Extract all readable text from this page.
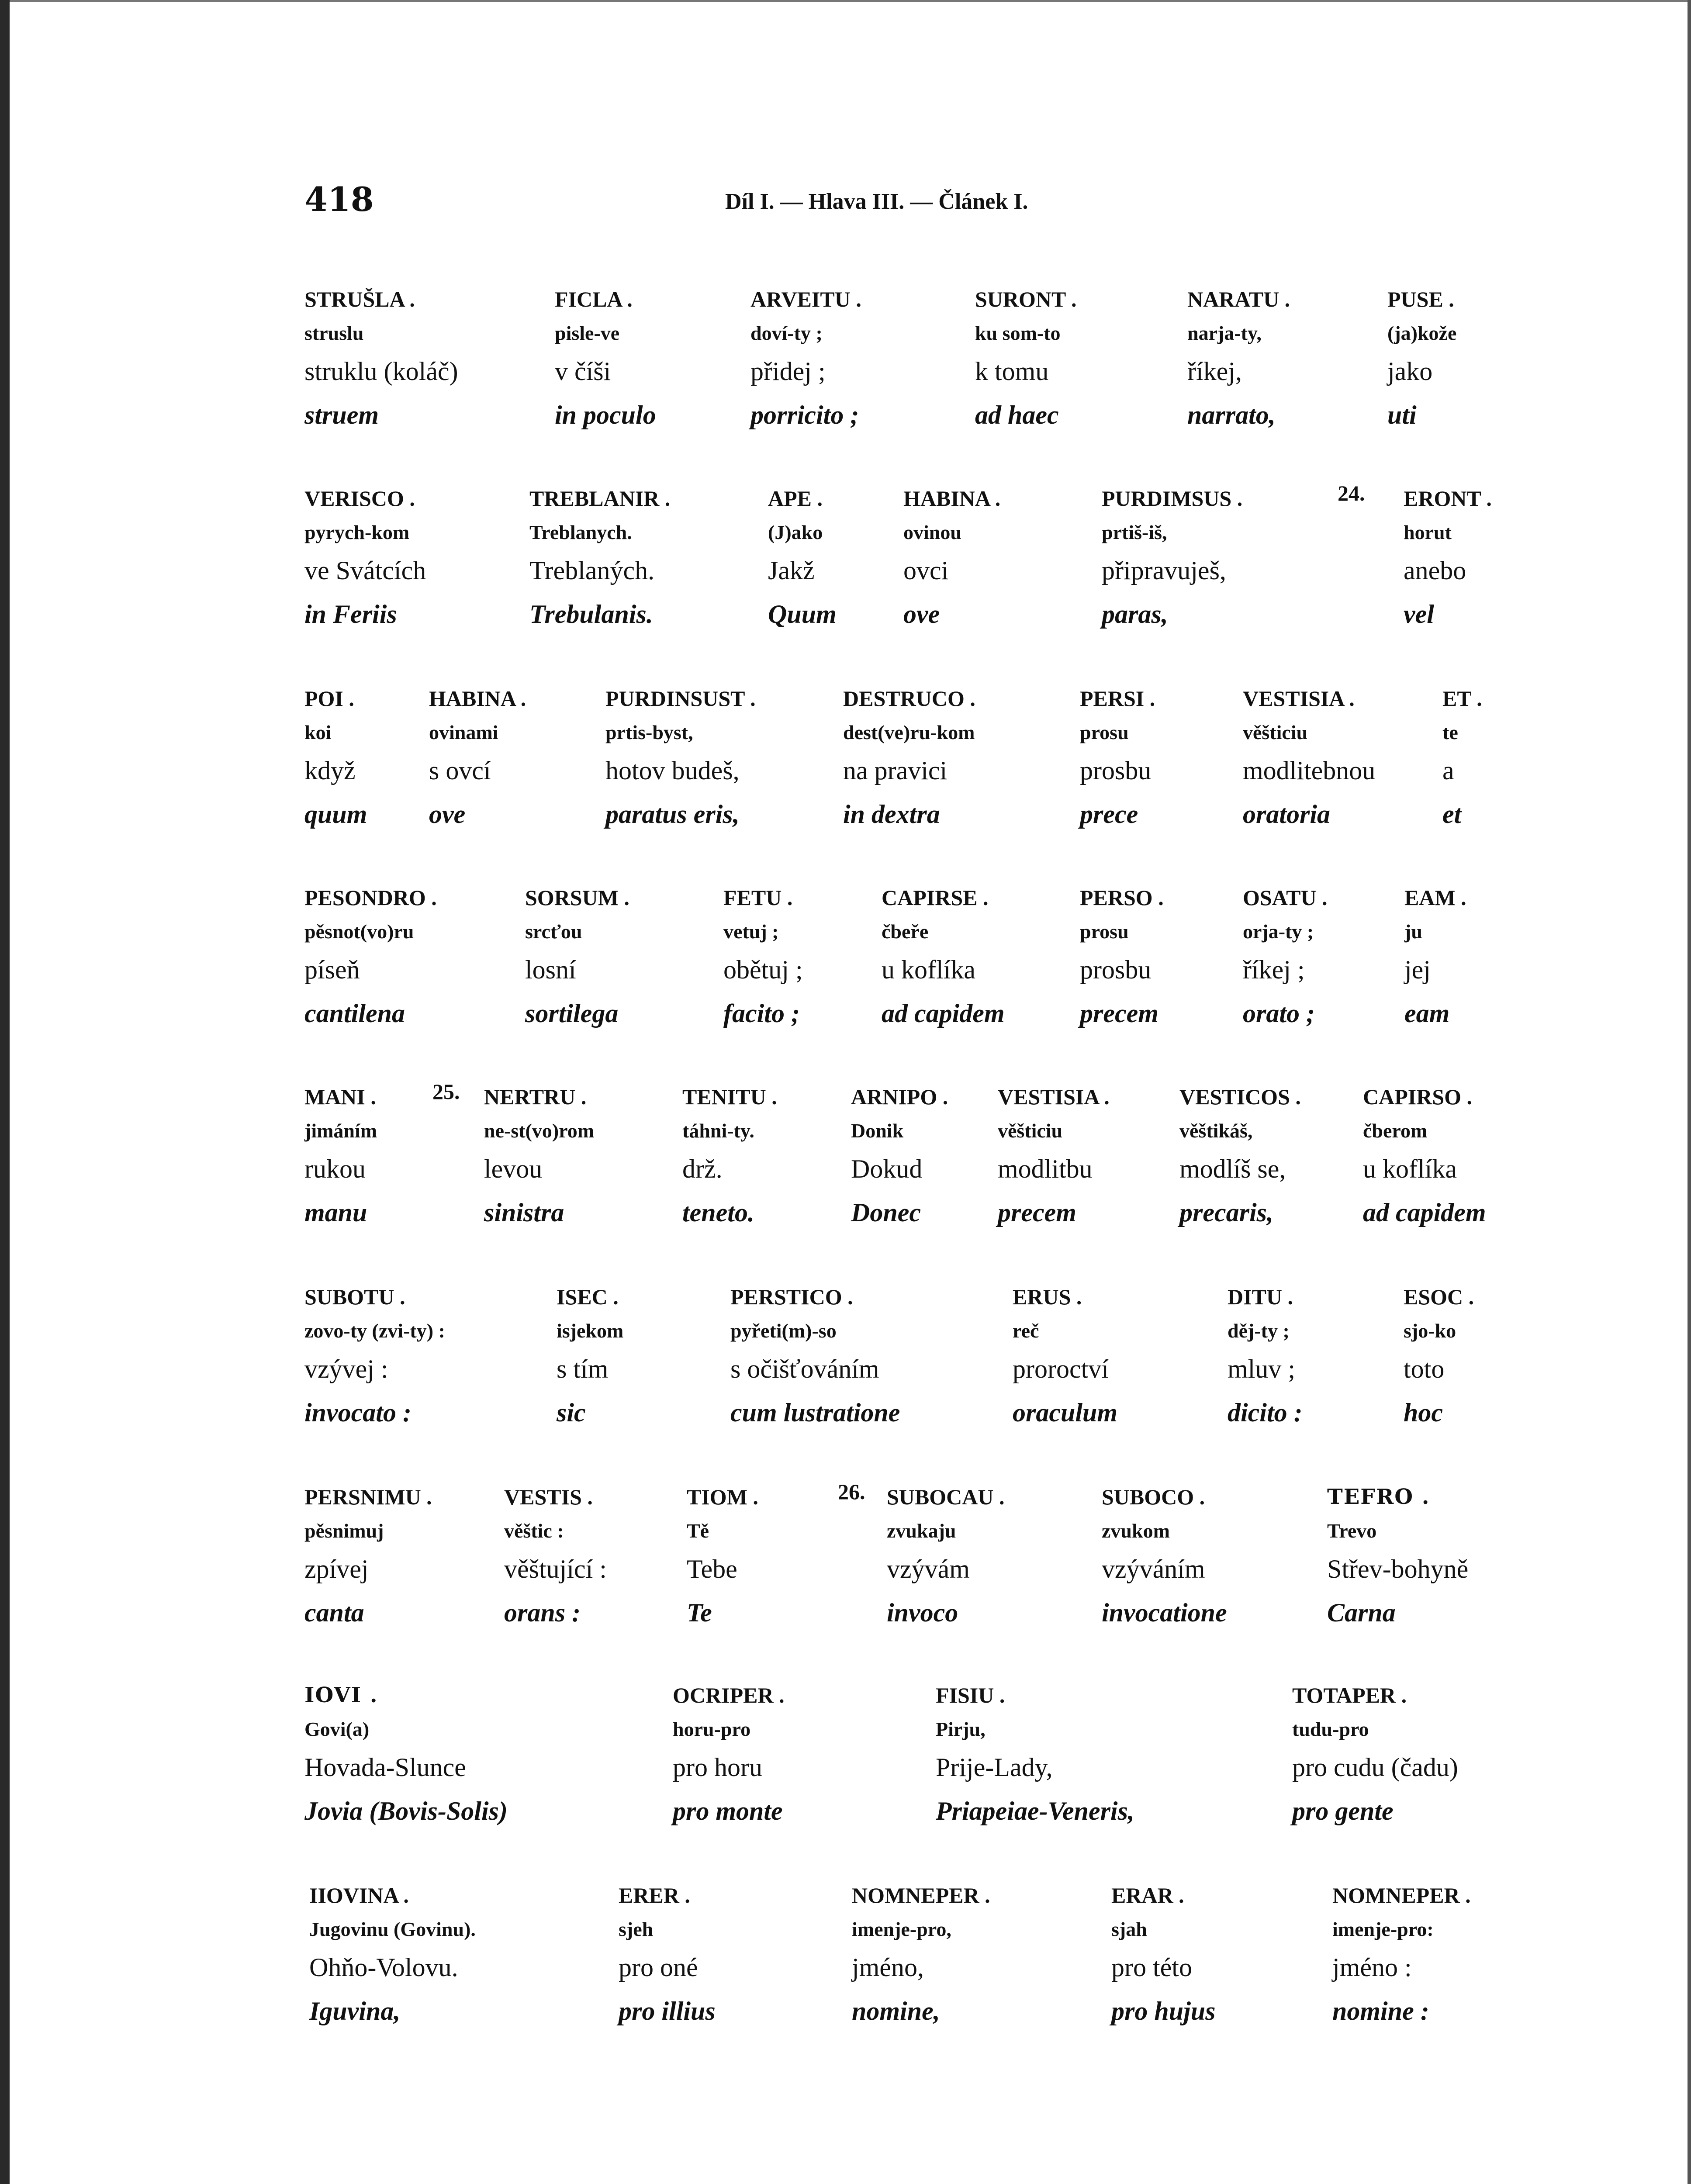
418	Díl I. — Hlava III. — Článek I.
STRUŠLA .
struslu
struklu (koláč)
struem
FICLA .
pisle-ve
v číši
in poculo
ARVEITU .
doví-ty ;
přidej ;
porricito ;
SURONT .
ku som-to
k tomu
ad haec
NARATU .
narja-ty,
říkej,
narrato,
PUSE .
(ja)kože
jako
uti
VERISCO .
pyrych-kom
ve Svátcích
in Feriis
TREBLANIR .
Treblanych.
Treblaných.
Trebulanis.
APE .
(J)ako
Jakž
Quum
HABINA .
ovinou
ovci
ove
PURDIMSUS .
prtiš-iš,
připravuješ,
paras,
24. ERONT .
horut
anebo
vel
POI .
koi
když
quum
HABINA .
ovinami
s ovcí
ove
PURDINSUST .
prtis-byst,
hotov budeš,
paratus eris,
DESTRUCO .
dest(ve)ru-kom
na pravici
in dextra
PERSI .
prosu
prosbu
prece
VESTISIA .
věšticiu
modlitebnou
oratoria
ET .
te
a
et
PESONDRO .
pěsnot(vo)ru
píseň
cantilena
SORSUM .
srcťou
losní
sortilega
FETU .
vetuj ;
obětuj ;
facito ;
CAPIRSE .
čbeře
u koflíka
ad capidem
PERSO .
prosu
prosbu
precem
OSATU .
orja-ty ;
říkej ;
orato ;
EAM .
ju
jej
eam
MANI .
jimáním
rukou
manu
25. NERTRU .
ne-st(vo)rom
levou
sinistra
TENITU .
táhni-ty.
drž.
teneto.
ARNIPO .
Donik
Dokud
Donec
VESTISIA .
věšticiu
modlitbu
precem
VESTICOS .
věštikáš,
modlíš se,
precaris,
CAPIRSO .
čberom
u koflíka
ad capidem
SUBOTU .
zovo-ty (zvi-ty) :
vzývej :
invocato :
ISEC .
isjekom
s tím
sic
PERSTICO .
pyřeti(m)-so
s očišťováním
cum lustratione
ERUS .
reč
proroctví
oraculum
DITU .
děj-ty ;
mluv ;
dicito :
ESOC .
sjo-ko
toto
hoc
PERSNIMU .
pěsnimuj
zpívej
canta
VESTIS .
věštic :
věštující :
orans :
TIOM .
Tě
Tebe
Te
SUBOCAU .
zvukaju
vzývám
invoco
26.	SUBOCO .
zvukom
vzýváním
invocatione
TEFRO .
Trevo
Střev-bohyně
Carna
IOVI .
Govi(a)
Hovada-Slunce
Jovia (Bovis-Solis)
OCRIPER .
horu-pro
pro horu
pro monte
FISIU .
Pirju,
Prije-Lady,
Priapeiae-Veneris,
TOTAPER .
tudu-pro
pro cudu (čadu)
pro gente
IIOVINA .
Jugovinu (Govinu).
Ohňo-Volovu.
Iguvina,
ERER .
sjeh
pro oné
pro illius
NOMNEPER .
imenje-pro,
jméno,
nomine,
ERAR .
sjah
pro této
pro hujus
NOMNEPER .
imenje-pro:
jméno :
nomine :
